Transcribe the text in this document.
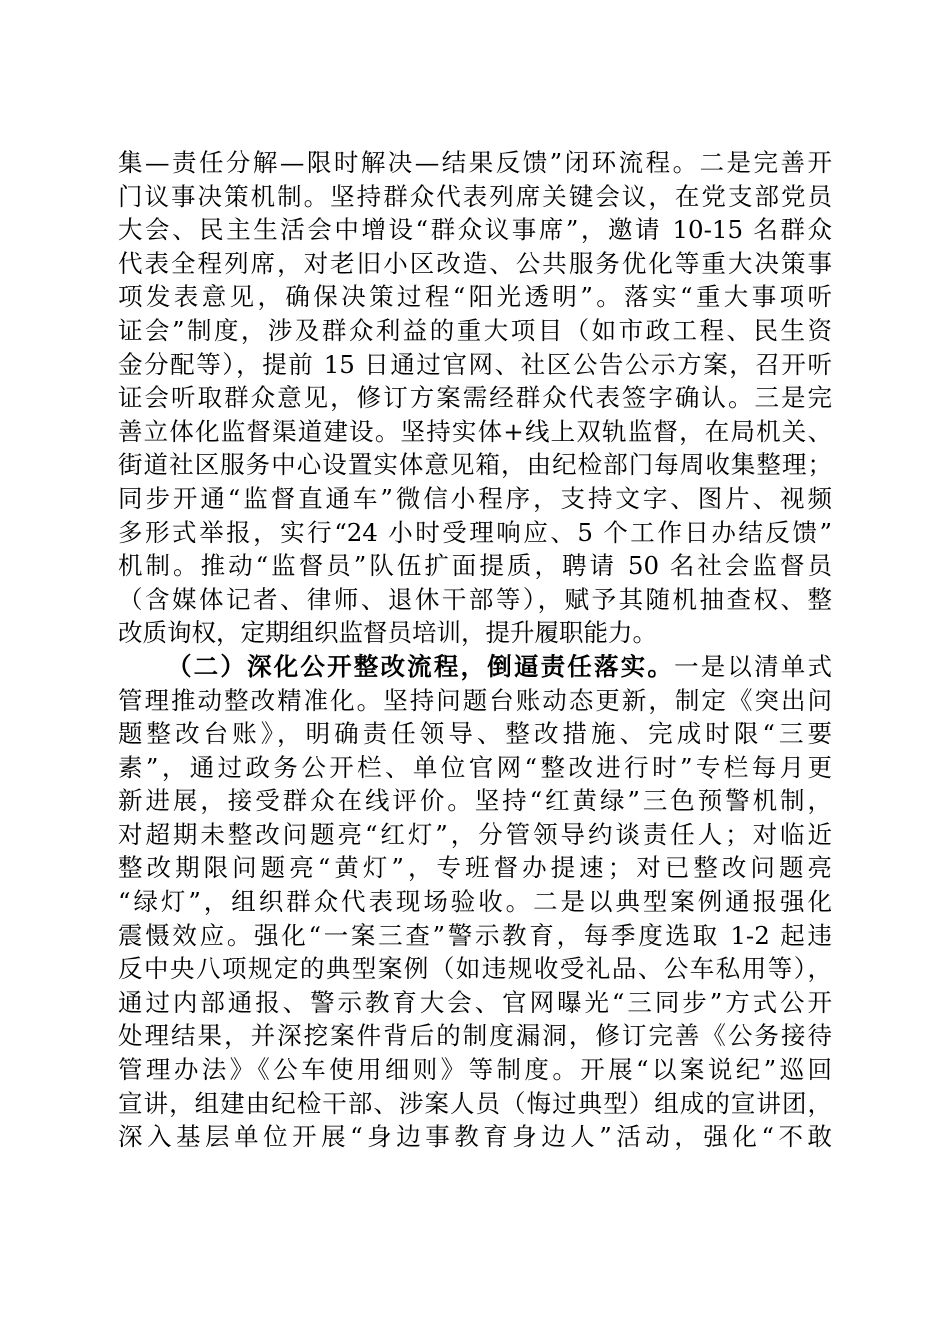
集—责任分解—限时解决—结果反馈”闭环流程。二是完善开
门议事决策机制。坚持群众代表列席关键会议，在党支部党员
大会、民主生活会中增设“群众议事席”，邀请 10-15 名群众
代表全程列席，对老旧小区改造、公共服务优化等重大决策事
项发表意见，确保决策过程“阳光透明”。落实“重大事项听
证会”制度，涉及群众利益的重大项目（如市政工程、民生资
金分配等），提前 15 日通过官网、社区公告公示方案，召开听
证会听取群众意见，修订方案需经群众代表签字确认。三是完
善立体化监督渠道建设。坚持实体+线上双轨监督，在局机关、
街道社区服务中心设置实体意见箱，由纪检部门每周收集整理；
同步开通“监督直通车”微信小程序，支持文字、图片、视频
多形式举报，实行“24 小时受理响应、5 个工作日办结反馈”
机制。推动“监督员”队伍扩面提质，聘请 50 名社会监督员
（含媒体记者、律师、退休干部等），赋予其随机抽查权、整
改质询权，定期组织监督员培训，提升履职能力。
（二）深化公开整改流程，倒逼责任落实。一是以清单式
管理推动整改精准化。坚持问题台账动态更新，制定《突出问
题整改台账》，明确责任领导、整改措施、完成时限“三要
素”，通过政务公开栏、单位官网“整改进行时”专栏每月更
新进展，接受群众在线评价。坚持“红黄绿”三色预警机制，
对超期未整改问题亮“红灯”，分管领导约谈责任人；对临近
整改期限问题亮“黄灯”，专班督办提速；对已整改问题亮
“绿灯”，组织群众代表现场验收。二是以典型案例通报强化
震慑效应。强化“一案三查”警示教育，每季度选取 1-2 起违
反中央八项规定的典型案例（如违规收受礼品、公车私用等），
通过内部通报、警示教育大会、官网曝光“三同步”方式公开
处理结果，并深挖案件背后的制度漏洞，修订完善《公务接待
管理办法》《公车使用细则》等制度。开展“以案说纪”巡回
宣讲，组建由纪检干部、涉案人员（悔过典型）组成的宣讲团，
深入基层单位开展“身边事教育身边人”活动，强化“不敢
